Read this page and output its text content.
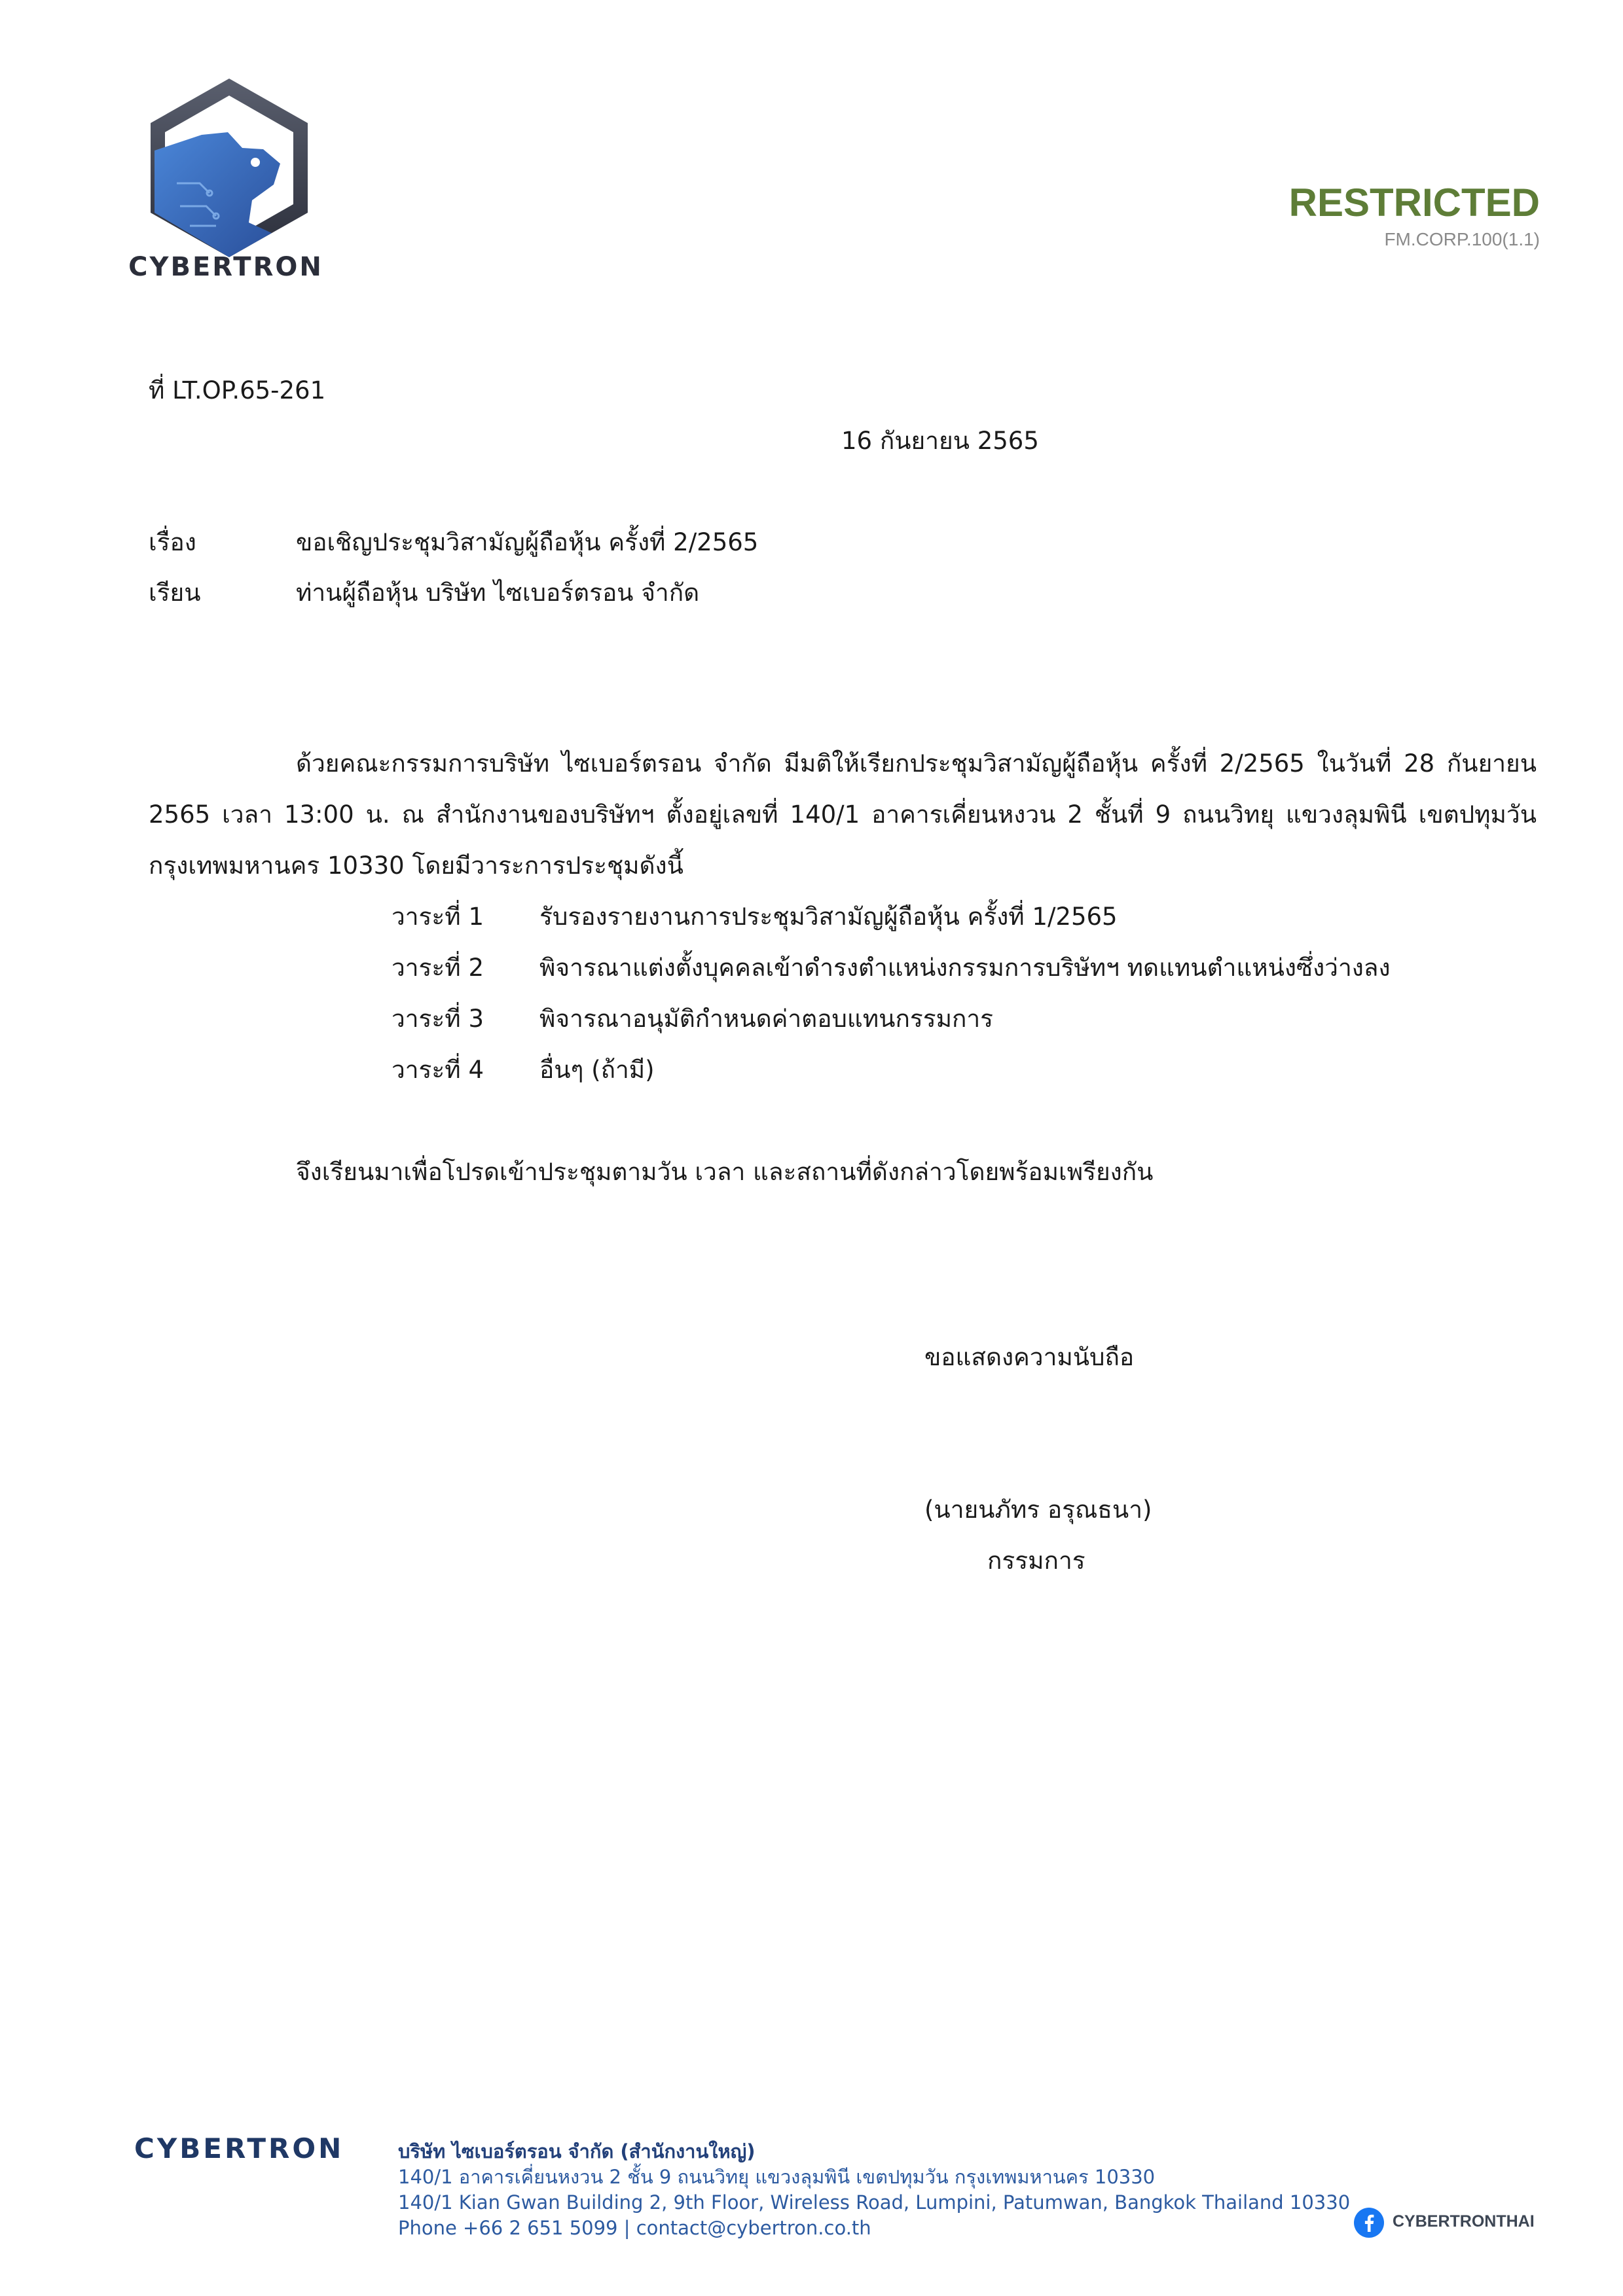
CYBERTRON
RESTRICTED
FM.CORP.100(1.1)
ที่ LT.OP.65-261
16 กันยายน 2565
เรื่อง	ขอเชิญประชุมวิสามัญผู้ถือหุ้น ครั้งที่ 2/2565
เรียน	ท่านผู้ถือหุ้น บริษัท ไซเบอร์ตรอน จำกัด
ด้วยคณะกรรมการบริษัท ไซเบอร์ตรอน จำกัด มีมติให้เรียกประชุมวิสามัญผู้ถือหุ้น ครั้งที่ 2/2565 ในวันที่ 28 กันยายน 2565 เวลา 13:00 น. ณ สำนักงานของบริษัทฯ ตั้งอยู่เลขที่ 140/1 อาคารเคี่ยนหงวน 2 ชั้นที่ 9 ถนนวิทยุ แขวงลุมพินี เขตปทุมวัน กรุงเทพมหานคร 10330 โดยมีวาระการประชุมดังนี้
วาระที่ 1 รับรองรายงานการประชุมวิสามัญผู้ถือหุ้น ครั้งที่ 1/2565
วาระที่ 2 พิจารณาแต่งตั้งบุคคลเข้าดำรงตำแหน่งกรรมการบริษัทฯ ทดแทนตำแหน่งซึ่งว่างลง
วาระที่ 3 พิจารณาอนุมัติกำหนดค่าตอบแทนกรรมการ
วาระที่ 4 อื่นๆ (ถ้ามี)
จึงเรียนมาเพื่อโปรดเข้าประชุมตามวัน เวลา และสถานที่ดังกล่าวโดยพร้อมเพรียงกัน
ขอแสดงความนับถือ
(นายนภัทร อรุณธนา)
กรรมการ
CYBERTRON	บริษัท ไซเบอร์ตรอน จำกัด (สำนักงานใหญ่)
140/1 อาคารเคี่ยนหงวน 2 ชั้น 9 ถนนวิทยุ แขวงลุมพินี เขตปทุมวัน กรุงเทพมหานคร 10330
140/1 Kian Gwan Building 2, 9th Floor, Wireless Road, Lumpini, Patumwan, Bangkok Thailand 10330
Phone +66 2 651 5099 | contact@cybertron.co.th	CYBERTRONTHAI
